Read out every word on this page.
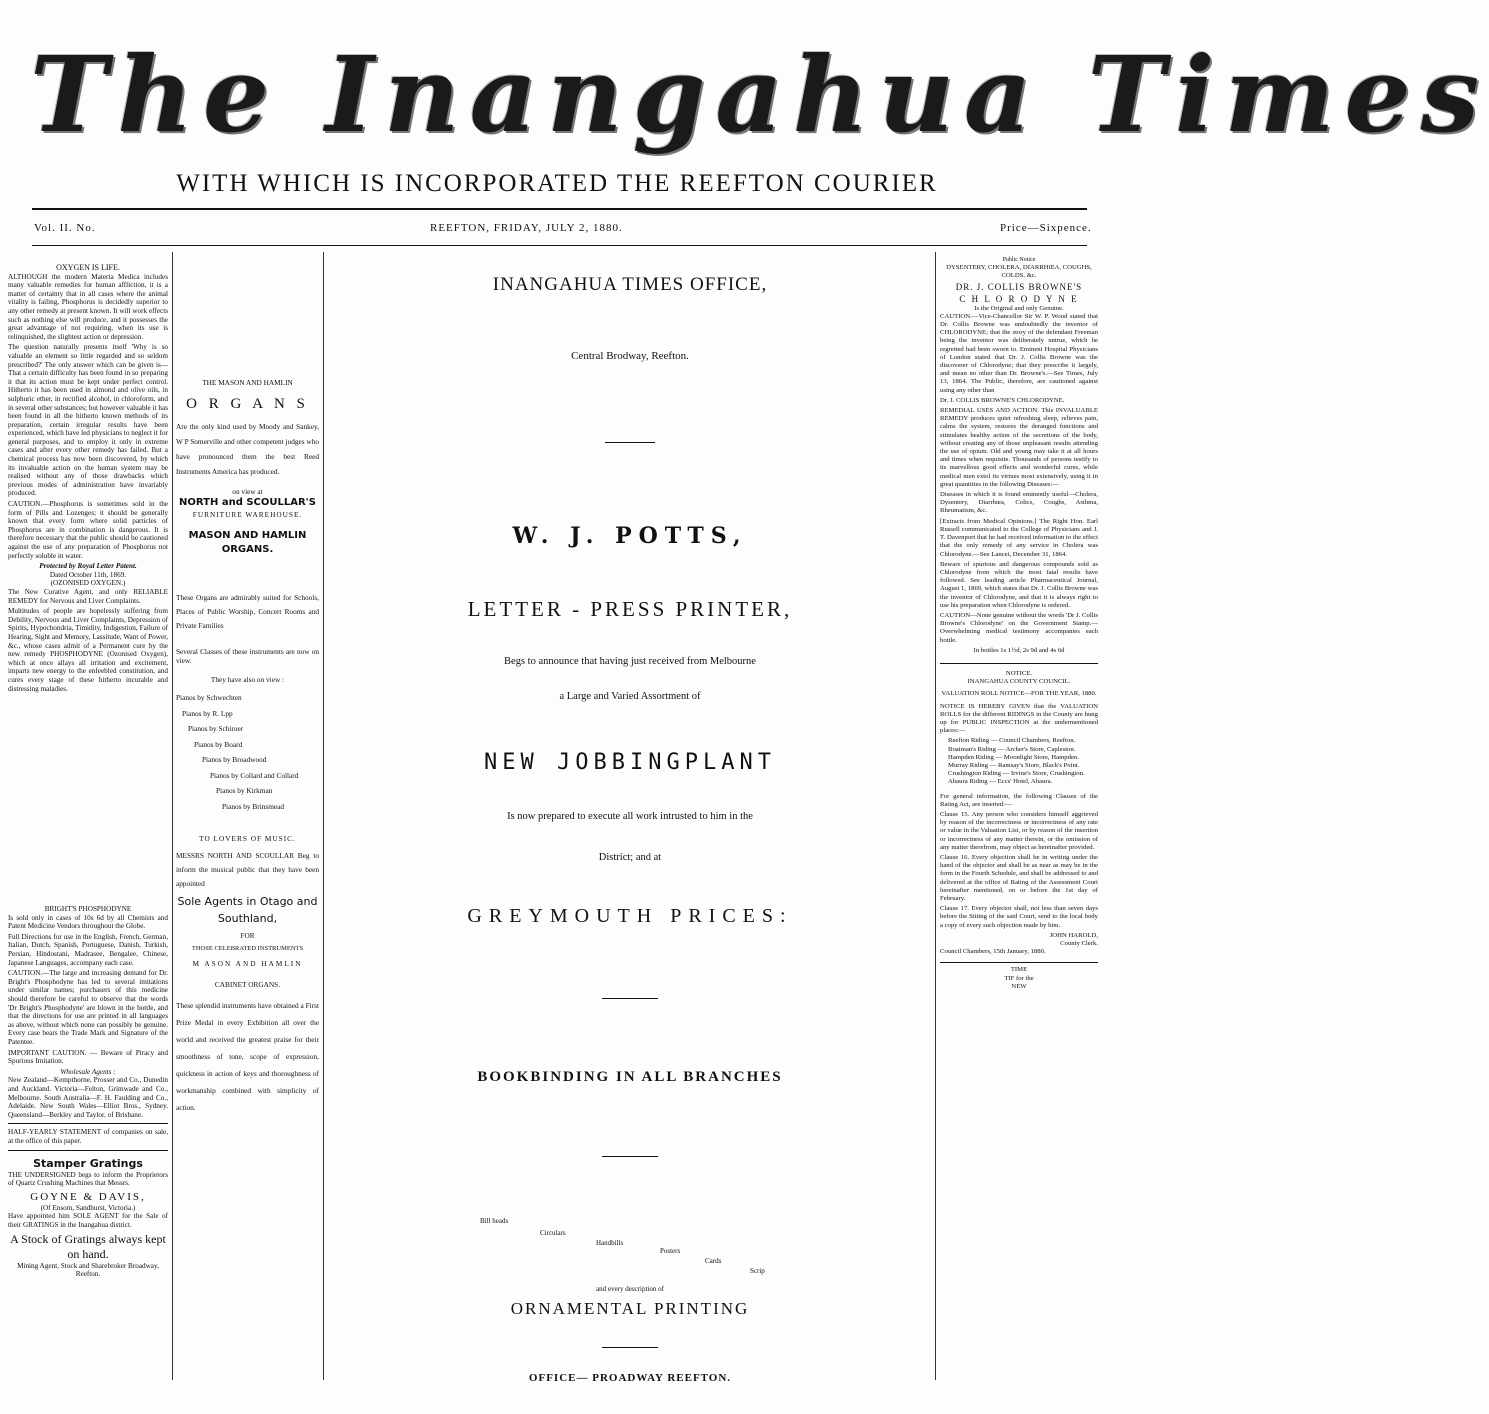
The Inangahua Times
WITH WHICH IS INCORPORATED THE REEFTON COURIER
Vol. II. No.	REEFTON, FRIDAY, JULY 2, 1880.	Price—Sixpence.
OXYGEN IS LIFE.

ALTHOUGH the modern Materia Medica includes many valuable remedies for human affliction, it is a matter of certainty that in all cases where the animal vitality is failing, Phosphorus is decidedly superior to any other remedy at present known. It will work effects such as nothing else will produce, and it possesses the great advantage of not requiring, when its use is relinquished, the slightest action or depression.

The question naturally presents itself 'Why is so valuable an element so little regarded and so seldom prescribed?' The only answer which can be given is—That a certain difficulty has been found in so preparing it that its action must be kept under perfect control. Hitherto it has been used in almond and olive oils, in sulphuric ether, in rectified alcohol, in chloroform, and in several other substances; but however valuable it has been found in all the hitherto known methods of its preparation, certain irregular results have been experienced, which have led physicians to neglect it for general purposes, and to employ it only in extreme cases and after every other remedy has failed. But a chemical process has now been discovered, by which its invaluable action on the human system may be realised without any of those drawbacks which previous modes of administration have invariably produced.

CAUTION.—Phosphorus is sometimes sold in the form of Pills and Lozenges; it should be generally known that every form where solid particles of Phosphorus are in combination is dangerous. It is therefore necessary that the public should be cautioned against the use of any preparation of Phosphorus not perfectly soluble in water.

Protected by Royal Letter Patent.
Dated October 11th, 1869.
(OZONISED OXYGEN.)

The New Curative Agent, and only RELIABLE REMEDY for Nervous and Liver Complaints.

Multitudes of people are hopelessly suffering from Debility, Nervous and Liver Complaints, Depression of Spirits, Hypochondria, Timidity, Indigestion, Failure of Hearing, Sight and Memory, Lassitude, Want of Power, &c., whose cases admit of a Permanent cure by the new remedy PHOSPHODYNE (Ozonised Oxygen), which at once allays all irritation and excitement, imparts new energy to the enfeebled constitution, and cures every stage of these hitherto incurable and distressing maladies.

BRIGHT'S PHOSPHODYNE

Is sold only in cases of 10s 6d by all Chemists and Patent Medicine Vendors throughout the Globe.

Full Directions for use in the English, French, German, Italian, Dutch, Spanish, Portuguese, Danish, Turkish, Persian, Hindostani, Madrasee, Bengalee, Chinese, Japanese Languages, accompany each case.

CAUTION.—The large and increasing demand for Dr. Bright's Phosphodyne has led to several imitations under similar names; purchasers of this medicine should therefore be careful to observe that the words 'Dr Bright's Phosphodyne' are blown in the bottle, and that the directions for use are printed in all languages as above, without which none can possibly be genuine. Every case bears the Trade Mark and Signature of the Patentee.

IMPORTANT CAUTION. — Beware of Piracy and Spurious Imitation.

Wholesale Agents :

New Zealand—Kempthorne, Prosser and Co., Dunedin and Auckland. Victoria—Felton, Grimwade and Co., Melbourne. South Australia—F. H. Faulding and Co., Adelaide. New South Wales—Elliot Bros., Sydney. Queensland—Berkley and Taylor, of Brisbane.

HALF-YEARLY STATEMENT of companies on sale, at the office of this paper.

Stamper Gratings

THE UNDERSIGNED begs to inform the Proprietors of Quartz Crushing Machines that Messrs.

GOYNE & DAVIS,
(Of Ensom, Sandhurst, Victoria.)

Have appointed him SOLE AGENT for the Sale of their GRATINGS in the Inangahua district.

A Stock of Gratings always kept on hand.
Mining Agent, Stock and Sharebroker Broadway, Reefton.
THE MASON AND HAMLIN
O R G A N S

Are the only kind used by Moody and Sankey, W P Somerville and other competent judges who have pronounced them the best Reed Instruments America has produced.

on view at
NORTH and SCOULLAR'S
FURNITURE WAREHOUSE.
MASON AND HAMLIN
ORGANS.

These Organs are admirably suited for Schools, Places of Public Worship, Concert Rooms and Private Families

Several Classes of these instruments are now on view.

They have also on view :
Pianos by Schwechten
Pianos by R. Lpp
Pianos by Schiroer
Pianos by Board
Pianos by Broadwood
Pianos by Collard and Collard
Pianos by Kirkman
Pianos by Brinsmead
TO LOVERS OF MUSIC.

MESSRS NORTH AND SCOULLAR Beg to inform the musical public that they have been appointed

Sole Agents in Otago and Southland,
FOR
THOSE CELEBRATED INSTRUMENTS
M ASON AND HAMLIN
CABINET ORGANS.

These splendid instruments have obtained a First Prize Medal in every Exhibition all over the world and received the greatest praise for their smoothness of tone, scope of expression, quickness in action of keys and thoroughness of workmanship combined with simplicity of action.

INANGAHUA TIMES OFFICE,
Central Brodway, Reefton.
W. J. POTTS,
LETTER - PRESS PRINTER,
Begs to announce that having just received from Melbourne
a Large and Varied Assortment of
NEW JOBBINGPLANT
Is now prepared to execute all work intrusted to him in the
District; and at
GREYMOUTH PRICES:
BOOKBINDING IN ALL BRANCHES
Bill heads
Circulars
Handbills
Posters
Cards
Scrip
and every description of
ORNAMENTAL PRINTING
OFFICE— PROADWAY REEFTON.
Public Notice
DYSENTERY, CHOLERA, DIARRHŒA, COUGHS, COLDS, &c.
DR. J. COLLIS BROWNE'S
C H L O R O D Y N E
Is the Original and only Genuine.

CAUTION.—Vice-Chancellor Sir W. P. Wood stated that Dr. Collis Browne was undoubtedly the inventor of CHLORODYNE; that the story of the defendant Freeman being the inventor was deliberately untrue, which he regretted had been sworn to. Eminent Hospital Physicians of London stated that Dr. J. Collis Browne was the discoverer of Chlorodyne; that they prescribe it largely, and mean no other than Dr. Browne's.—See Times, July 13, 1864. The Public, therefore, are cautioned against using any other than

Dr. J. COLLIS BROWNE'S CHLORODYNE.

REMEDIAL USES AND ACTION. This INVALUABLE REMEDY produces quiet refreshing sleep, relieves pain, calms the system, restores the deranged functions and stimulates healthy action of the secretions of the body, without creating any of those unpleasant results attending the use of opium. Old and young may take it at all hours and times when requisite. Thousands of persons testify to its marvellous good effects and wonderful cures, while medical men extol its virtues most extensively, using it in great quantities in the following Diseases:—

Diseases in which it is found eminently useful—Cholera, Dysentery, Diarrhœa, Colics, Coughs, Asthma, Rheumatism, &c.

[Extracts from Medical Opinions.] The Right Hon. Earl Russell communicated to the College of Physicians and J. T. Davenport that he had received information to the effect that the only remedy of any service in Cholera was Chlorodyne.—See Lancet, December 31, 1864.

Beware of spurious and dangerous compounds sold as Chlorodyne from which the most fatal results have followed. See leading article Pharmaceutical Journal, August 1, 1869, which states that Dr. J. Collis Browne was the inventor of Chlorodyne, and that it is always right to use his preparation when Chlorodyne is ordered.

CAUTION—None genuine without the words 'Dr J. Collis Browne's Chlorodyne' on the Government Stamp.—Overwhelming medical testimony accompanies each bottle.

In bottles 1s 1½d, 2s 9d and 4s 6d
NOTICE.
INANGAHUA COUNTY COUNCIL.
VALUATION ROLL NOTICE—FOR THE YEAR, 1880.

NOTICE IS HEREBY GIVEN that the VALUATION ROLLS for the different RIDINGS in the County are hung up for PUBLIC INSPECTION at the undermentioned places:—

Reefton Riding — Council Chambers, Reefton.
Boatman's Riding — Archer's Store, Capleston.
Hampden Riding — Moonlight Store, Hampden.
Murray Riding — Ramsay's Store, Black's Point.
Crushington Riding — Irvine's Store, Crushington.
Ahaura Riding — Eccs' Hotel, Ahaura.

For general information, the following Clauses of the Rating Act, are inserted:—

Clause 15. Any person who considers himself aggrieved by reason of the incorrectness or incorrectness of any rate or value in the Valuation List, or by reason of the insertion or incorrectness of any matter therein, or the omission of any matter therefrom, may object as hereinafter provided.

Clause 16. Every objection shall be in writing under the hand of the objector and shall be as near as may be in the form in the Fourth Schedule, and shall be addressed to and delivered at the office of Rating of the Assessment Court hereinafter mentioned, on or before the 1st day of February.

Clause 17. Every objector shall, not less than seven days before the Sitting of the said Court, send to the local body a copy of every such objection made by him.

JOHN HAROLD,
County Clerk.
Council Chambers, 15th January, 1880.
TIME
TIF for the
NEW
